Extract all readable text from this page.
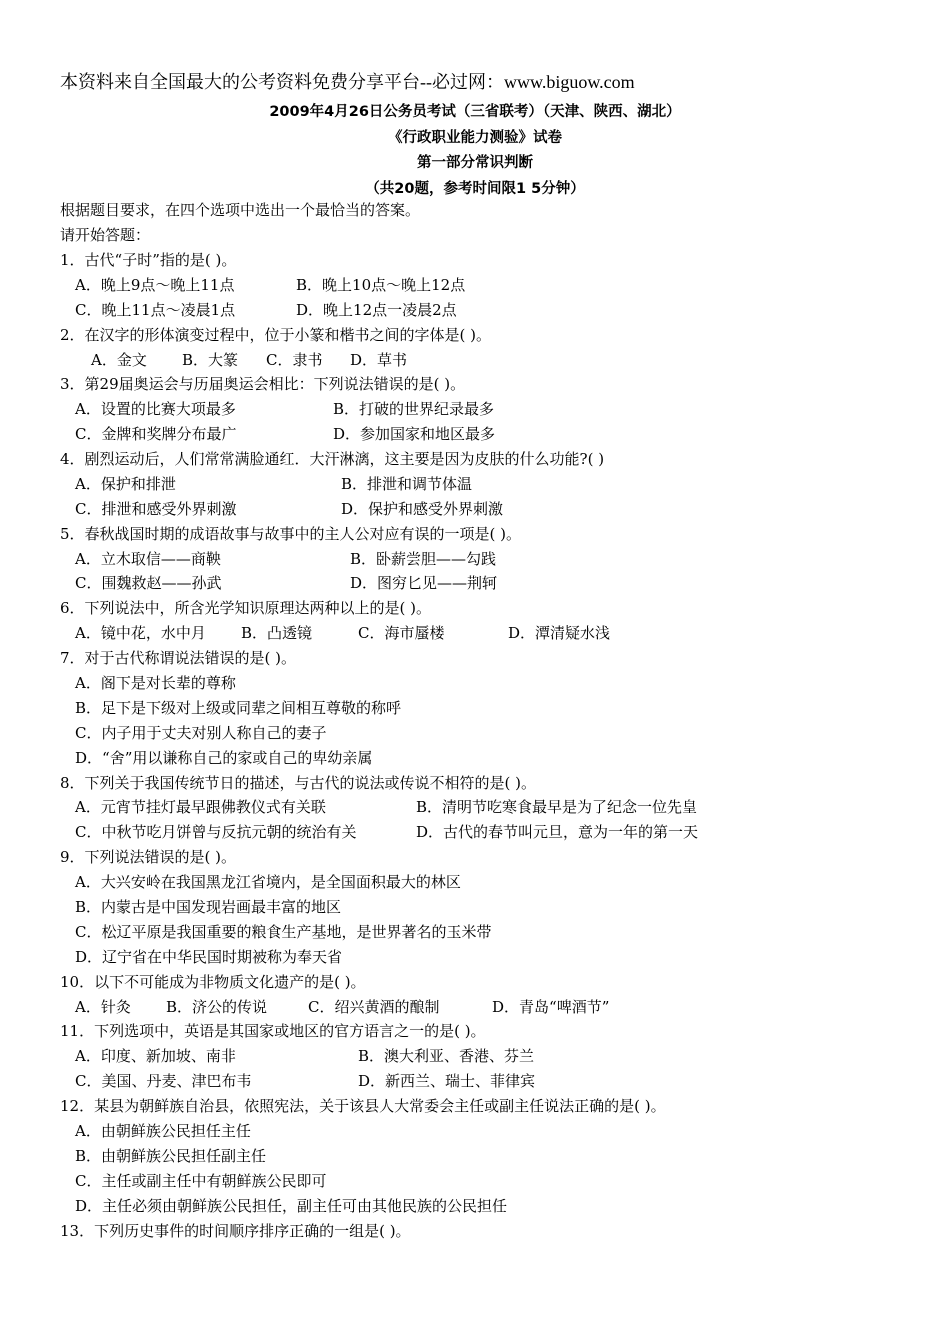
本资料来自全国最大的公考资料免费分享平台--必过网：www.biguow.com
2009年4月26日公务员考试（三省联考）（天津、陕西、湖北）
《行政职业能力测验》试卷
第一部分常识判断
（共20题，参考时间限1 5分钟）
根据题目要求，在四个选项中选出一个最恰当的答案。
请开始答题：
1．古代“子时”指的是( )。
A．晚上9点～晚上11点	B．晚上10点～晚上12点
C．晚上11点～凌晨1点	D．晚上12点一凌晨2点
2．在汉字的形体演变过程中，位于小篆和楷书之间的字体是( )。
A．金文 B．大篆 C．隶书 D．草书
3．第29届奥运会与历届奥运会相比：下列说法错误的是( )。
A．设置的比赛大项最多	B．打破的世界纪录最多
C．金牌和奖牌分布最广	D．参加国家和地区最多
4．剧烈运动后，人们常常满脸通红．大汗淋漓，这主要是因为皮肤的什么功能?( )
A．保护和排泄	B．排泄和调节体温
C．排泄和感受外界刺激	D．保护和感受外界刺激
5．春秋战国时期的成语故事与故事中的主人公对应有误的一项是( )。
A．立木取信——商鞅	B．卧薪尝胆——勾践
C．围魏救赵——孙武	D．图穷匕见——荆轲
6．下列说法中，所含光学知识原理达两种以上的是( )。
A．镜中花，水中月 B．凸透镜	C．海市蜃楼	D．潭清疑水浅
7．对于古代称谓说法错误的是( )。
A．阁下是对长辈的尊称
B．足下是下级对上级或同辈之间相互尊敬的称呼
C．内子用于丈夫对别人称自己的妻子
D．“舍”用以谦称自己的家或自己的卑幼亲属
8．下列关于我国传统节日的描述，与古代的说法或传说不相符的是( )。
A．元宵节挂灯最早跟佛教仪式有关联	B．清明节吃寒食最早是为了纪念一位先皇
C．中秋节吃月饼曾与反抗元朝的统治有关	D．古代的春节叫元旦，意为一年的第一天
9．下列说法错误的是( )。
A．大兴安岭在我国黑龙江省境内，是全国面积最大的林区
B．内蒙古是中国发现岩画最丰富的地区
C．松辽平原是我国重要的粮食生产基地，是世界著名的玉米带
D．辽宁省在中华民国时期被称为奉天省
10．以下不可能成为非物质文化遗产的是( )。
A．针灸 B．济公的传说	C．绍兴黄酒的酿制	D．青岛“啤酒节”
11．下列选项中，英语是其国家或地区的官方语言之一的是( )。
A．印度、新加坡、南非	B．澳大利亚、香港、芬兰
C．美国、丹麦、津巴布韦	D．新西兰、瑞士、菲律宾
12．某县为朝鲜族自治县，依照宪法，关于该县人大常委会主任或副主任说法正确的是( )。
A．由朝鲜族公民担任主任
B．由朝鲜族公民担任副主任
C．主任或副主任中有朝鲜族公民即可
D．主任必须由朝鲜族公民担任，副主任可由其他民族的公民担任
13．下列历史事件的时间顺序排序正确的一组是( )。
